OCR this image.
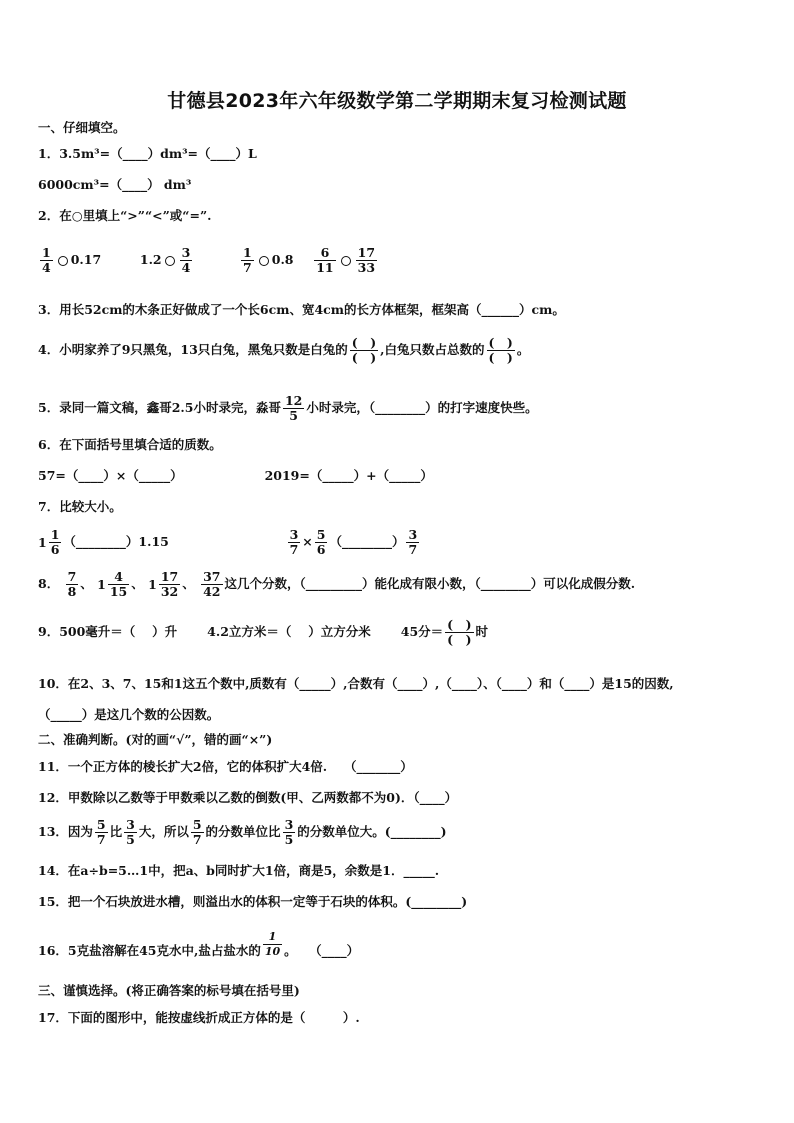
甘德县2023年六年级数学第二学期期末复习检测试题
一、仔细填空。
1．3.5m³=（____）dm³=（____）L
6000cm³=（____） dm³
2．在○里填上“>”“<”或“=”.
$\frac{1}{4} 0.17$	$1.2 \frac{3}{4}$
	$\frac{1}{7} 0.8 \frac{6}{11} \frac{17}{33}$
3．用长52cm的木条正好做成了一个长6cm、宽4cm的长方体框架，框架高（______）cm。
4．小明家养了9只黑兔，13只白兔，黑兔只数是白兔的 $\frac{( )}{( )}$ ,白兔只数占总数的 $\frac{( )}{( )}$ 。
5．录同一篇文稿，鑫哥2.5小时录完，淼哥 $\frac{12}{5}$ 小时录完，（________）的打字速度快些。
6．在下面括号里填合适的质数。
57=（____）×（_____）	2019=（_____）+（_____）
7．比较大小。
$1 \frac{1}{6}$ （________）1.15	$\frac{3}{7} \times \frac{5}{6}$ （________） $\frac{3}{7}$
8． $\frac{7}{8}$ 、 $1 \frac{4}{15}$ 、 $1 \frac{17}{32}$ 、 $\frac{37}{42}$ 这几个分数，（_________）能化成有限小数，（________）可以化成假分数.
9．500毫升＝（　 ）升 4.2立方米＝（　 ）立方分米 45分＝ $\frac{( )}{( )}$ 时
10．在2、3、7、15和1这五个数中,质数有（_____）,合数有（____）,（____）、（____）和（____）是15的因数,
（_____）是这几个数的公因数。
二、准确判断。(对的画“√”，错的画“×”)
11．一个正方体的棱长扩大2倍，它的体积扩大4倍.　 （_______）
12．甲数除以乙数等于甲数乘以乙数的倒数(甲、乙两数都不为0)．（____）
13．因为 $\frac{5}{7}$ 比 $\frac{3}{5}$ 大，所以 $\frac{5}{7}$ 的分数单位比 $\frac{3}{5}$ 的分数单位大。(________)
14．在a÷b=5…1中，把a、b同时扩大1倍，商是5，余数是1．_____.
15．把一个石块放进水槽，则溢出水的体积一定等于石块的体积。(________)
16．5克盐溶解在45克水中,盐占盐水的 $\frac{1}{10}$ 。　　（____）
三、谨慎选择。(将正确答案的标号填在括号里)
17．下面的图形中，能按虚线折成正方体的是（　　　）.
